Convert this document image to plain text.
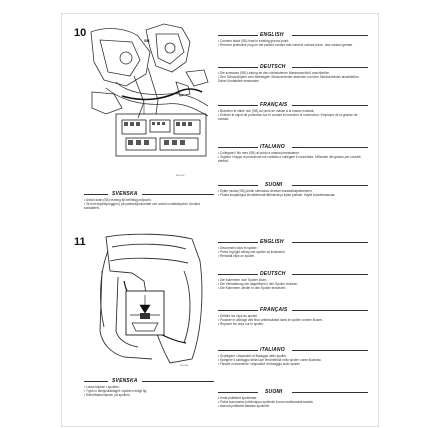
10
SB
8601159
SVENSKA
• Anslut svart (SB) ledning till befintlig jordpunkt.
• Ta bort skyddsplugg(en) på parkeraljuskontakt och anslut kontaktstycket. Använd kontaktfett.
ENGLISH
• Connect black (SB) lead to existing ground point.
• Remove protective plug on the parked contact and connect contact piece. Use contact grease.
DEUTSCH
• Die schwarze (SB) Leitung an den vorhandenen Masseanschluß anschließen.
• Den Schutzstopfen vom befestigten Steckverbinder abziehen und den Steckverbinder anschließen. Dabei Kontaktfett verwenden.
FRANÇAIS
• Brancher le câble noir (SB) au point de masse à la masse existant.
• Enlever le capot de protection sur le contact et brancher le connecteur. Employer de la graisse de contact.
ITALIANO
• Collegare il filo nero (SB) al punto a massa preesistente.
• Togliere il tappo di protezione sul contatto e collegare il connettore. Utilizzare del grasso per contatti elettrici.
SUOMI
• Kytke musta (SB) johdin olemassa olevaan maadoituspisteeseen.
• Poista suojatulppa kiinnittimestä liittimestä ja kytke pistoke. Käytä kosketinrasvaa.
11
8601160
SVENSKA
• Lossa klipsen i spoilern.
• Tryck in dimljuskablaget i spoilern enligt fig.
• Sätt tillbaka klipsen på spoilern.
ENGLISH
• Disconnect clips in spoiler.
• Press fog light wiring into spoiler as illustrated.
• Reinstall clips on spoiler.
DEUTSCH
• Die Klammern vom Spoiler lösen.
• Die Verkabelung wie abgebildet in den Spoiler drücken.
• Die Klammern wieder in den Spoiler einsetzen.
FRANÇAIS
• Défaire les clips du spoiler.
• Pousser le câblage des feux antibrouillard dans le spoiler comme illustré.
• Reposer les clips sur le spoiler.
ITALIANO
• Scollegare i dispositivi di fissaggio dello spoiler.
• Spingere il cablaggio della luce fendinebbia nello spoiler come illustrato.
• Fissare nuovamente i dispositivi di fissaggio sullo spoiler.
SUOMI
• Irrota pidikkeet spoilerista.
• Paina sumuvalon johdinnippu spoileriin kuvan osoittamalla tavalla.
• Asenna pidikkeet takaisin spoileriin.
